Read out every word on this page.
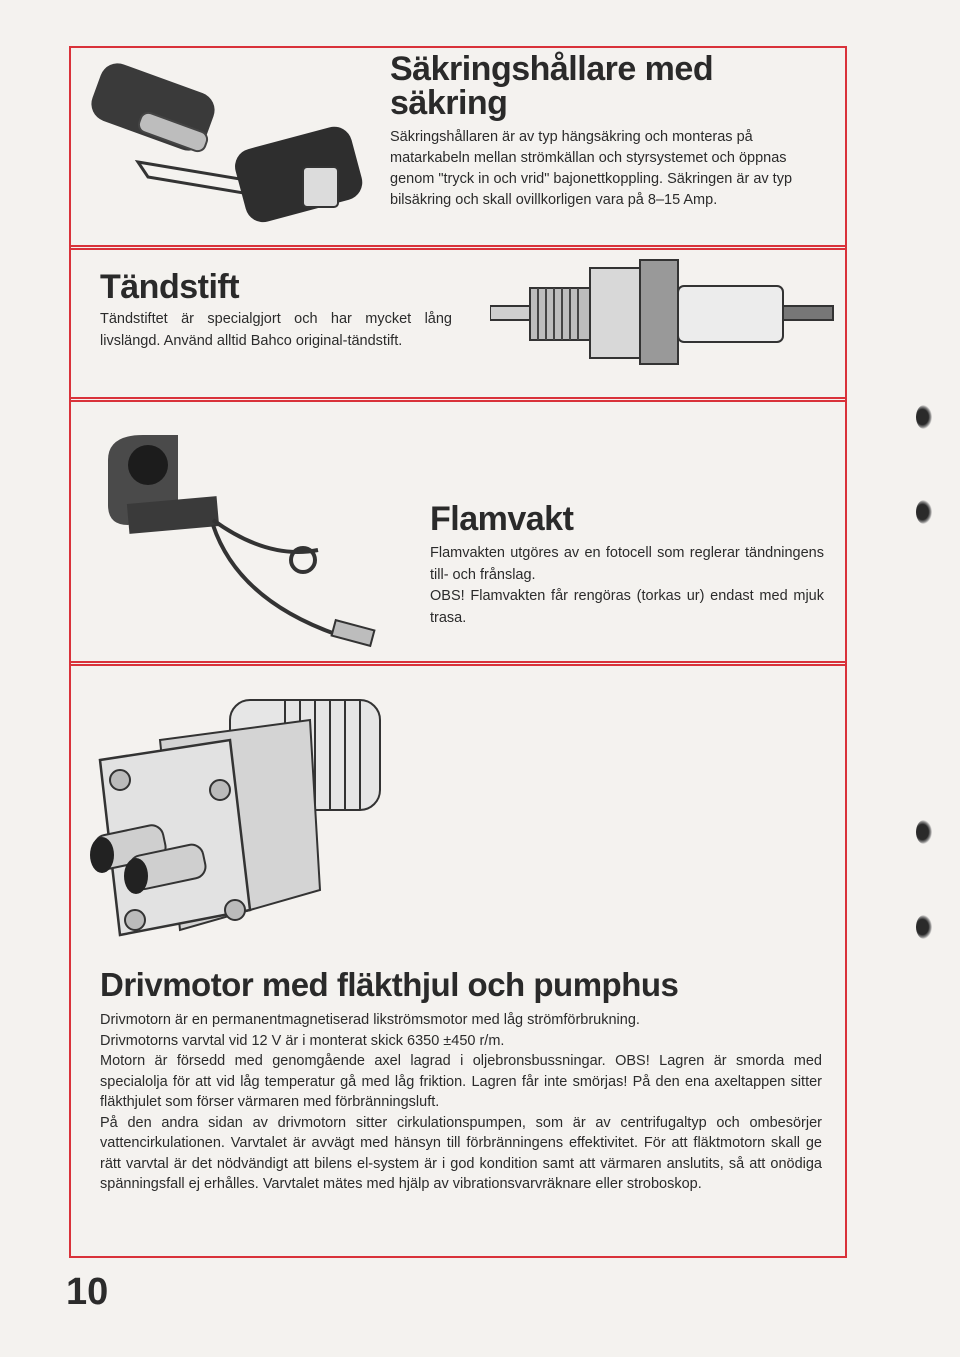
Säkringshållare med säkring
Säkringshållaren är av typ hängsäkring och monteras på matarkabeln mellan strömkällan och styrsystemet och öppnas genom "tryck in och vrid" bajonettkoppling. Säkringen är av typ bilsäkring och skall ovillkorligen vara på 8–15 Amp.
Tändstift
Tändstiftet är specialgjort och har mycket lång livslängd. Använd alltid Bahco original-tändstift.
Flamvakt
Flamvakten utgöres av en fotocell som reglerar tändningens till- och frånslag.
OBS! Flamvakten får rengöras (torkas ur) endast med mjuk trasa.
Drivmotor med fläkthjul och pumphus

Drivmotorn är en permanentmagnetiserad likströmsmotor med låg strömförbrukning.

Drivmotorns varvtal vid 12 V är i monterat skick 6350 ±450 r/m.

Motorn är försedd med genomgående axel lagrad i oljebronsbussningar. OBS! Lagren är smorda med specialolja för att vid låg temperatur gå med låg friktion. Lagren får inte smörjas! På den ena axeltappen sitter fläkthjulet som förser värmaren med förbränningsluft.

På den andra sidan av drivmotorn sitter cirkulationspumpen, som är av centrifugaltyp och ombesörjer vattencirkulationen. Varvtalet är avvägt med hänsyn till förbränningens effektivitet. För att fläktmotorn skall ge rätt varvtal är det nödvändigt att bilens el-system är i god kondition samt att värmaren anslutits, så att onödiga spänningsfall ej erhålles. Varvtalet mätes med hjälp av vibrationsvarvräknare eller stroboskop.

10
